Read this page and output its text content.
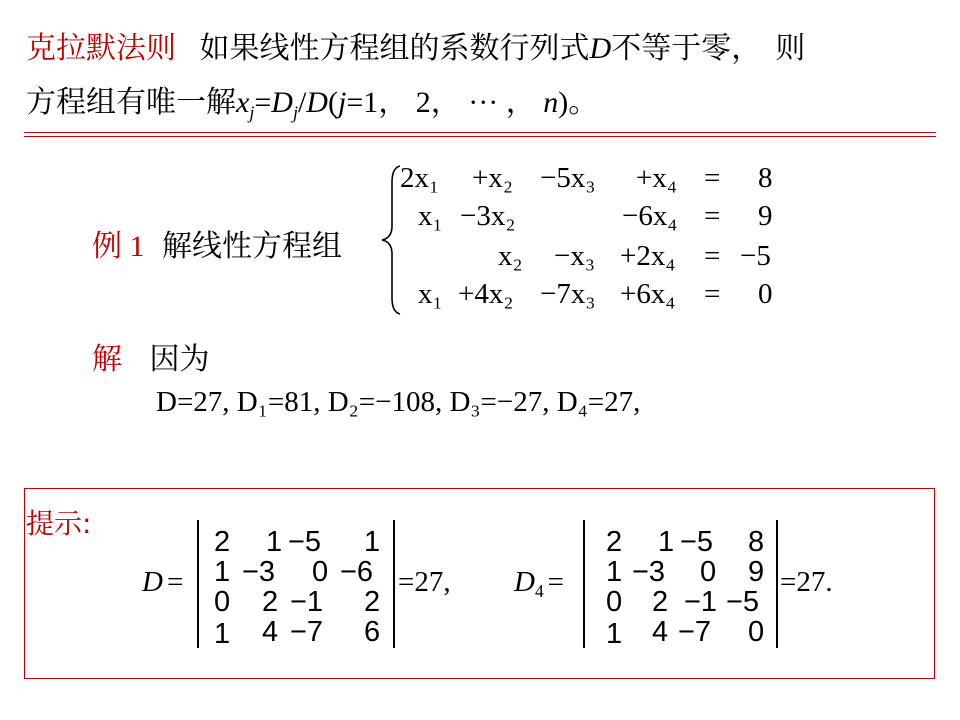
克拉默法则 如果线性方程组的系数行列式D不等于零， 则
方程组有唯一解$x_j=D_j/D(j=1$， 2， ··· ， n)。
例 1 解线性方程组
2x₁ +x₂ −5x₃ +x₄ = 8
x₁ −3x₂	−6x₄ = 9
x₂ −x₃ +2x₄ = −5
x₁ +4x₂ −7x₃ +6x₄ = 0
解 因为
D=27, D₁=81, D₂=−108, D₃=−27, D₄=27,
提示:
D =
2 1 −5 1
1 −3 0 −6
0 2 −1 2
1 4 −7 6
=27, $D_4$ =
2 1 −5 8
1 −3 0 9
0 2 −1 −5
1 4 −7 0
=27.
